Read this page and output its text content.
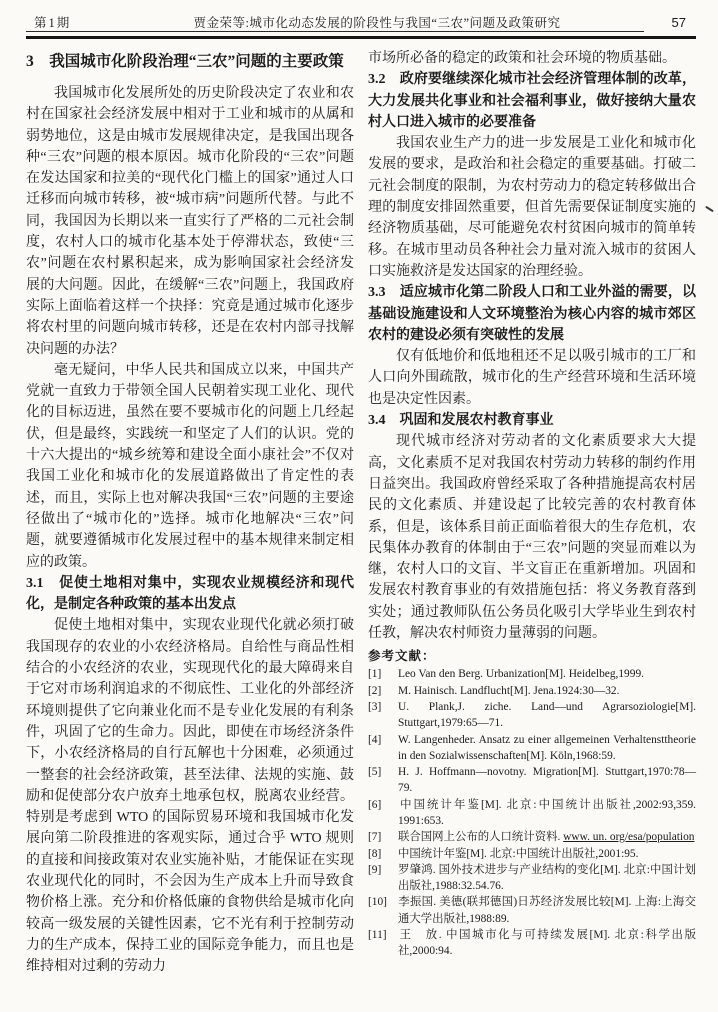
第1期	贾金荣等:城市化动态发展的阶段性与我国“三农”问题及政策研究	57
3　我国城市化阶段治理“三农”问题的主要政策

我国城市化发展所处的历史阶段决定了农业和农村在国家社会经济发展中相对于工业和城市的从属和弱势地位，这是由城市发展规律决定，是我国出现各种“三农”问题的根本原因。城市化阶段的“三农”问题在发达国家和拉美的“现代化门槛上的国家”通过人口迁移而向城市转移，被“城市病”问题所代替。与此不同，我国因为长期以来一直实行了严格的二元社会制度，农村人口的城市化基本处于停滞状态，致使“三农”问题在农村累积起来，成为影响国家社会经济发展的大问题。因此，在缓解“三农”问题上，我国政府实际上面临着这样一个抉择：究竟是通过城市化逐步将农村里的问题向城市转移，还是在农村内部寻找解决问题的办法？

毫无疑问，中华人民共和国成立以来，中国共产党就一直致力于带领全国人民朝着实现工业化、现代化的目标迈进，虽然在要不要城市化的问题上几经起伏，但是最终，实践统一和坚定了人们的认识。党的十六大提出的“城乡统筹和建设全面小康社会”不仅对我国工业化和城市化的发展道路做出了肯定性的表述，而且，实际上也对解决我国“三农”问题的主要途径做出了“城市化的”选择。城市化地解决“三农”问题，就要遵循城市化发展过程中的基本规律来制定相应的政策。

3.1　促使土地相对集中，实现农业规模经济和现代化，是制定各种政策的基本出发点

促使土地相对集中，实现农业现代化就必须打破我国现存的农业的小农经济格局。自给性与商品性相结合的小农经济的农业，实现现代化的最大障碍来自于它对市场利润追求的不彻底性、工业化的外部经济环境则提供了它向兼业化而不是专业化发展的有利条件，巩固了它的生命力。因此，即使在市场经济条件下，小农经济格局的自行瓦解也十分困难，必须通过一整套的社会经济政策，甚至法律、法规的实施、鼓励和促使部分农户放弃土地承包权，脱离农业经营。特别是考虑到 WTO 的国际贸易环境和我国城市化发展向第二阶段推进的客观实际，通过合乎 WTO 规则的直接和间接政策对农业实施补贴，才能保证在实现农业现代化的同时，不会因为生产成本上升而导致食物价格上涨。充分和价格低廉的食物供给是城市化向较高一级发展的关键性因素，它不光有利于控制劳动力的生产成本，保持工业的国际竞争能力，而且也是维持相对过剩的劳动力

市场所必备的稳定的政策和社会环境的物质基础。

3.2　政府要继续深化城市社会经济管理体制的改革，大力发展共化事业和社会福利事业，做好接纳大量农村人口进入城市的必要准备

我国农业生产力的进一步发展是工业化和城市化发展的要求，是政治和社会稳定的重要基础。打破二元社会制度的限制，为农村劳动力的稳定转移做出合理的制度安排固然重要，但首先需要保证制度实施的经济物质基础，尽可能避免农村贫困向城市的简单转移。在城市里动员各种社会力量对流入城市的贫困人口实施救济是发达国家的治理经验。

3.3　适应城市化第二阶段人口和工业外溢的需要，以基础设施建设和人文环境整治为核心内容的城市郊区农村的建设必须有突破性的发展

仅有低地价和低地租还不足以吸引城市的工厂和人口向外围疏散，城市化的生产经营环境和生活环境也是决定性因素。

3.4　巩固和发展农村教育事业

现代城市经济对劳动者的文化素质要求大大提高，文化素质不足对我国农村劳动力转移的制约作用日益突出。我国政府曾经采取了各种措施提高农村居民的文化素质、并建设起了比较完善的农村教育体系，但是，该体系目前正面临着很大的生存危机，农民集体办教育的体制由于“三农”问题的突显而难以为继，农村人口的文盲、半文盲正在重新增加。巩固和发展农村教育事业的有效措施包括：将义务教育落到实处；通过教师队伍公务员化吸引大学毕业生到农村任教，解决农村师资力量薄弱的问题。

参考文献：
[1] Leo Van den Berg. Urbanization[M]. Heidelbeg,1999.
[2] M. Hainisch. Landflucht[M]. Jena.1924:30—32.
[3] U. Plank,J. ziche. Land—und Agrarsoziologie[M]. Stuttgart,1979:65—71.
[4] W. Langenheder. Ansatz zu einer allgemeinen Verhaltensttheorie in den Sozialwissenschaften[M]. Köln,1968:59.
[5] H. J. Hoffmann—novotny. Migration[M]. Stuttgart,1970:78—79.
[6] 中国统计年鉴[M]. 北京:中国统计出版社,2002:93,359. 1991:653.
[7] 联合国网上公布的人口统计资料. www. un. org/esa/population
[8] 中国统计年鉴[M]. 北京:中国统计出版社,2001:95.
[9] 罗肇鸿. 国外技术进步与产业结构的变化[M]. 北京:中国计划出版社,1988:32.54.76.
[10] 李振国. 美德(联邦德国)日苏经济发展比较[M]. 上海:上海交通大学出版社,1988:89.
[11] 王　放. 中国城市化与可持续发展[M]. 北京:科学出版社,2000:94.
